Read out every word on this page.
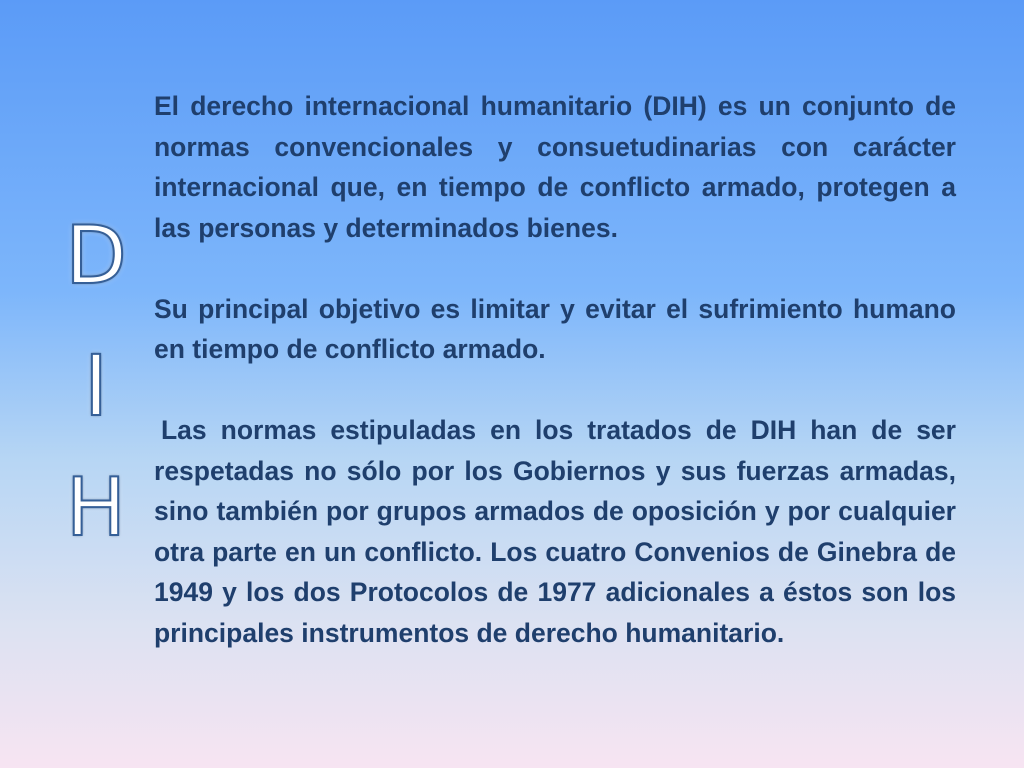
D
I
H

El derecho internacional humanitario (DIH) es un conjunto de normas convencionales y consuetudinarias con carácter internacional que, en tiempo de conflicto armado, protegen a las personas y determinados bienes.

Su principal objetivo es limitar y evitar el sufrimiento humano en tiempo de conflicto armado.

Las normas estipuladas en los tratados de DIH han de ser respetadas no sólo por los Gobiernos y sus fuerzas armadas, sino también por grupos armados de oposición y por cualquier otra parte en un conflicto. Los cuatro Convenios de Ginebra de 1949 y los dos Protocolos de 1977 adicionales a éstos son los principales instrumentos de derecho humanitario.
